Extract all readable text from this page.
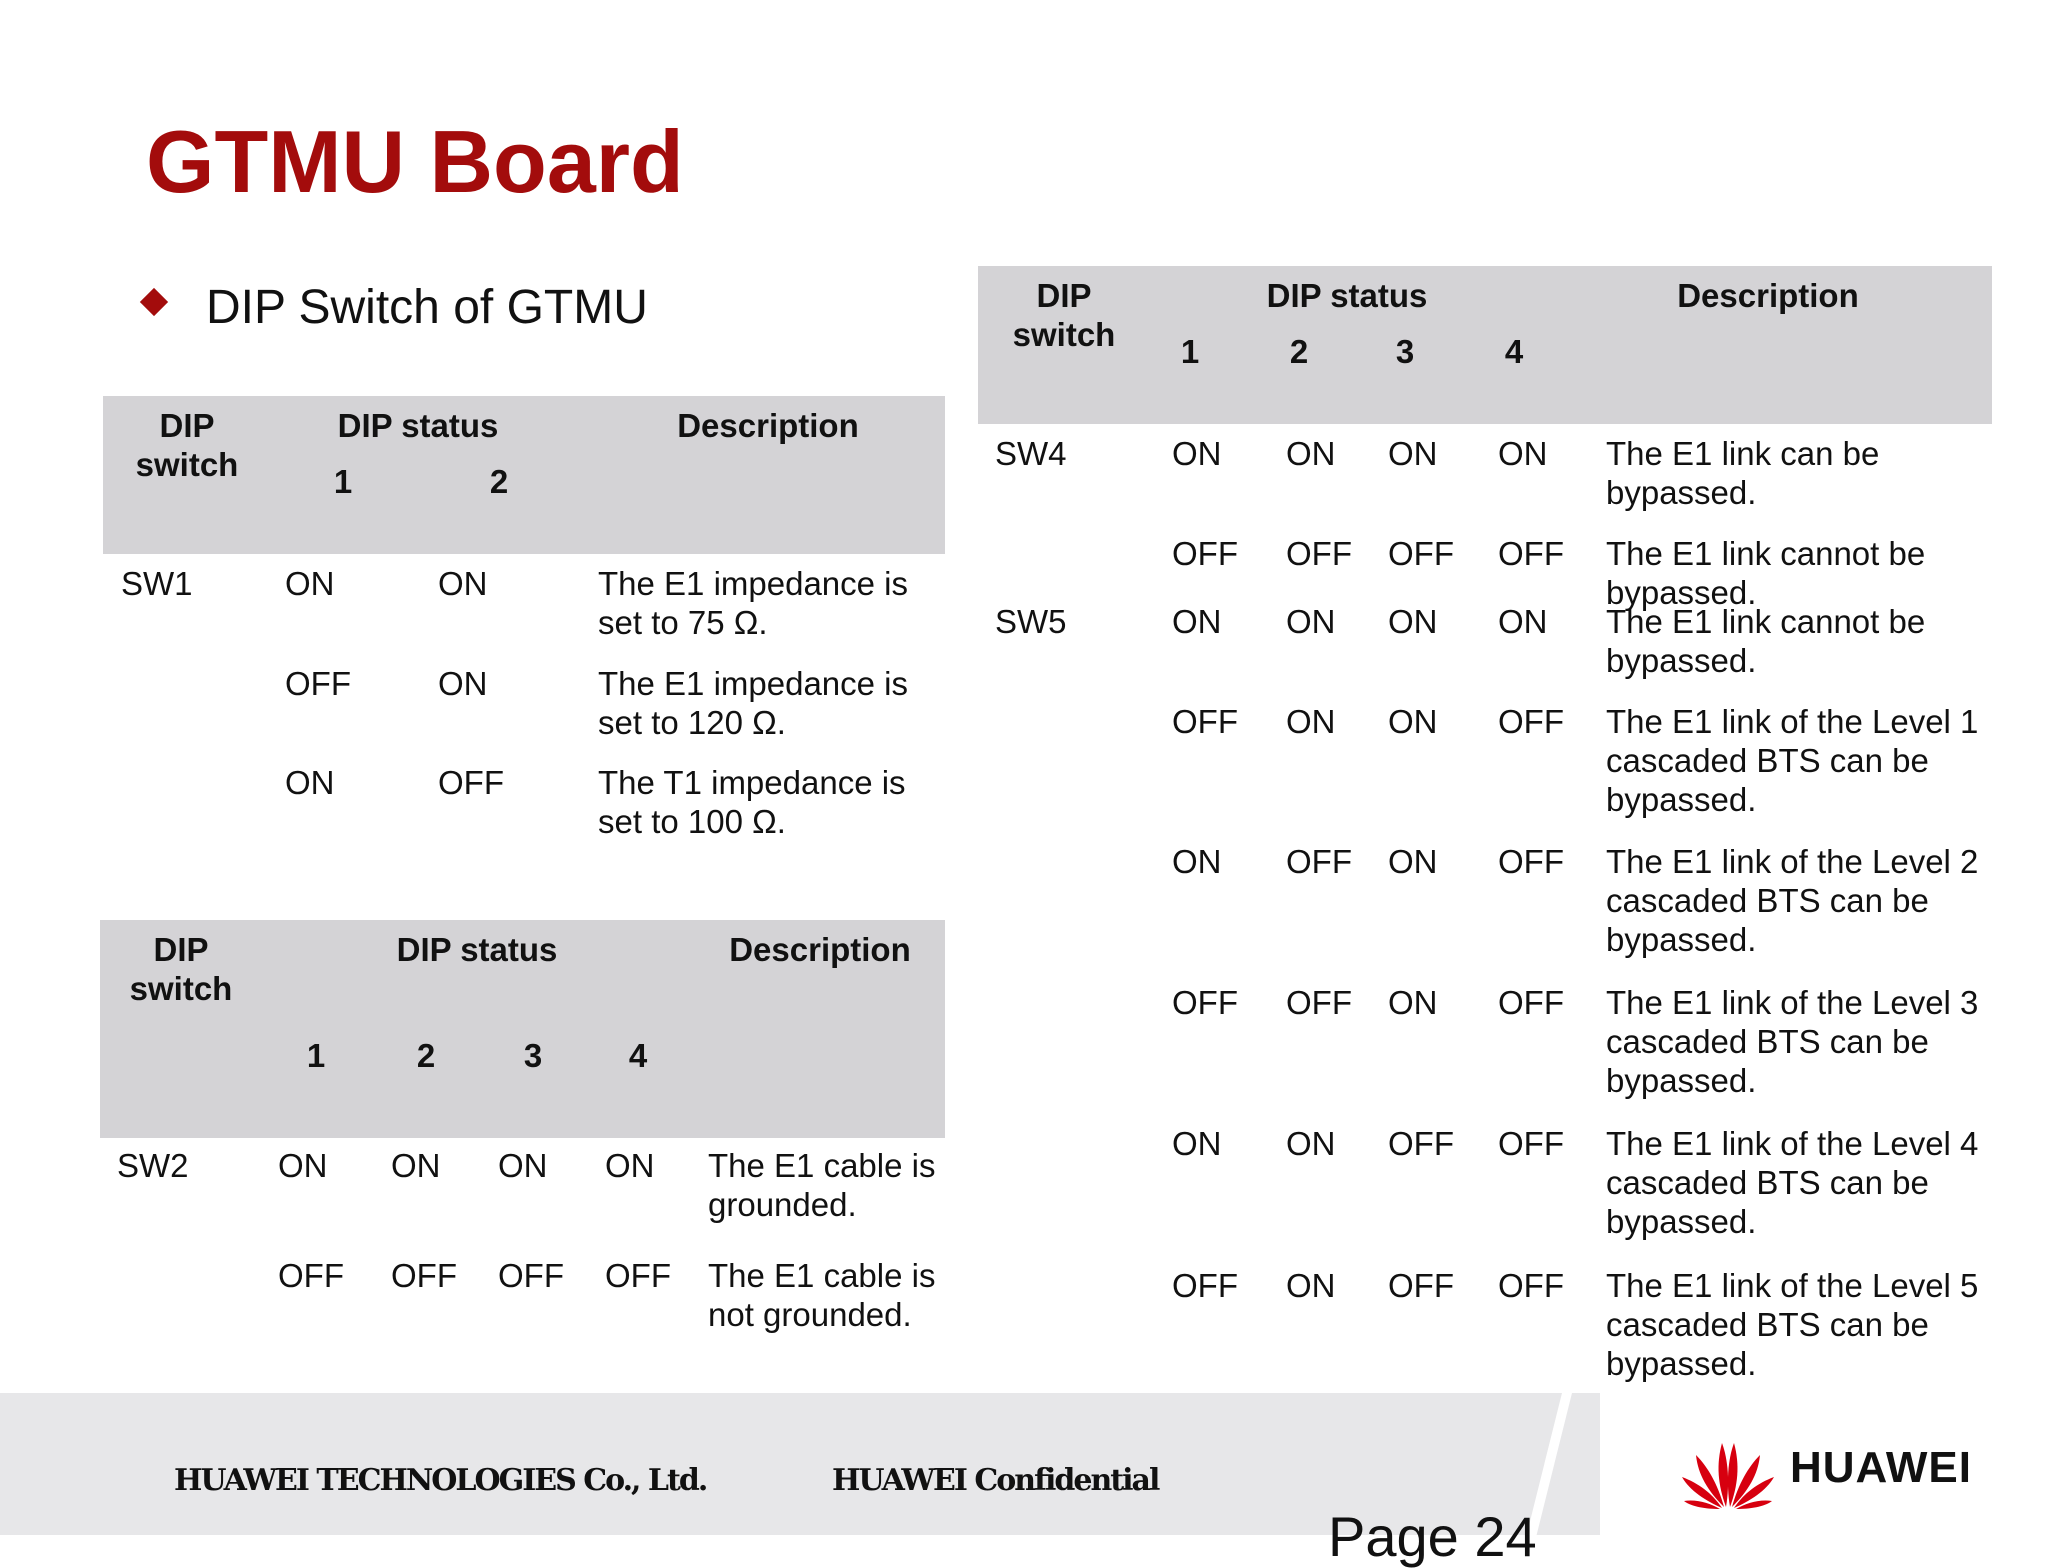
GTMU Board
DIP Switch of GTMU
DIP switch
DIP status
1	2
Description
SW1	ON	ON	The E1 impedance is set to 75 Ω.
OFF	ON	The E1 impedance is set to 120 Ω.
ON	OFF	The T1 impedance is set to 100 Ω.
DIP switch
DIP status
1	2	3	4
Description
SW2	ON ON ON ON The E1 cable is grounded.
OFF OFF OFF OFF The E1 cable is not grounded.
DIP switch
DIP status
1	2	3	4
Description
SW4	ON ON ON ON The E1 link can be bypassed.
OFF OFF OFF OFF The E1 link cannot be bypassed.
SW5	ON ON ON ON The E1 link cannot be bypassed.
OFF ON ON OFF The E1 link of the Level 1 cascaded BTS can be bypassed.
ON OFF ON OFF The E1 link of the Level 2 cascaded BTS can be bypassed.
OFF OFF ON OFF The E1 link of the Level 3 cascaded BTS can be bypassed.
ON ON OFF OFF The E1 link of the Level 4 cascaded BTS can be bypassed.
OFF ON OFF OFF The E1 link of the Level 5 cascaded BTS can be bypassed.
HUAWEI TECHNOLOGIES Co., Ltd.	HUAWEI Confidential
Page 24
HUAWEI
